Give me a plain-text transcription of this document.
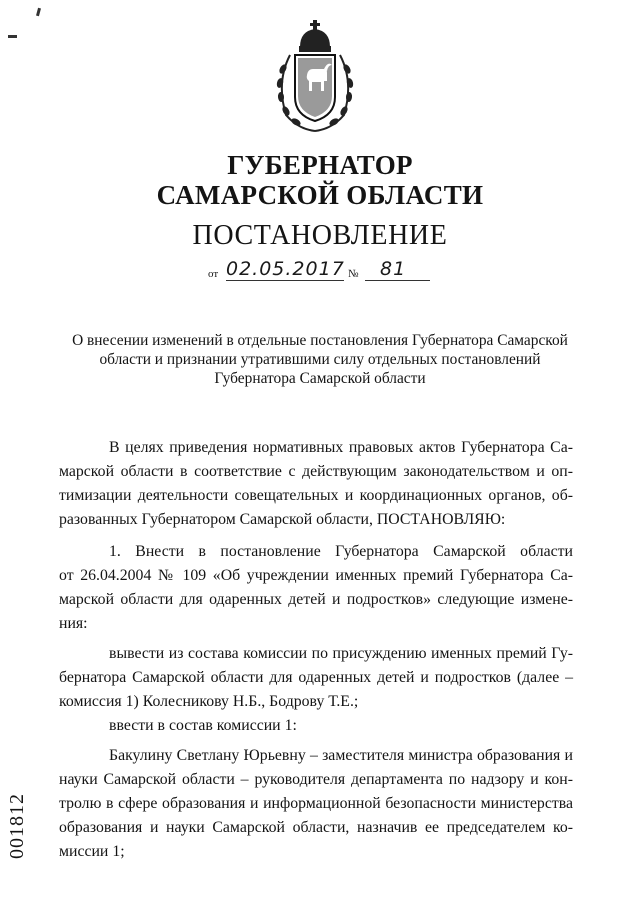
ГУБЕРНАТОР
САМАРСКОЙ ОБЛАСТИ
ПОСТАНОВЛЕНИЕ
от 02.05.2017 № 81
О внесении изменений в отдельные постановления Губернатора Самарской
области и признании утратившими силу отдельных постановлений
Губернатора Самарской области
В целях приведения нормативных правовых актов Губернатора Са-
марской области в соответствие с действующим законодательством и оп-
тимизации деятельности совещательных и координационных органов, об-
разованных Губернатором Самарской области, ПОСТАНОВЛЯЮ:
1. Внести в постановление Губернатора Самарской области
от 26.04.2004 № 109 «Об учреждении именных премий Губернатора Са-
марской области для одаренных детей и подростков» следующие измене-
ния:
вывести из состава комиссии по присуждению именных премий Гу-
бернатора Самарской области для одаренных детей и подростков (далее –
комиссия 1) Колесникову Н.Б., Бодрову Т.Е.;
ввести в состав комиссии 1:
Бакулину Светлану Юрьевну – заместителя министра образования и
науки Самарской области – руководителя департамента по надзору и кон-
тролю в сфере образования и информационной безопасности министерства
образования и науки Самарской области, назначив ее председателем ко-
миссии 1;
001812
